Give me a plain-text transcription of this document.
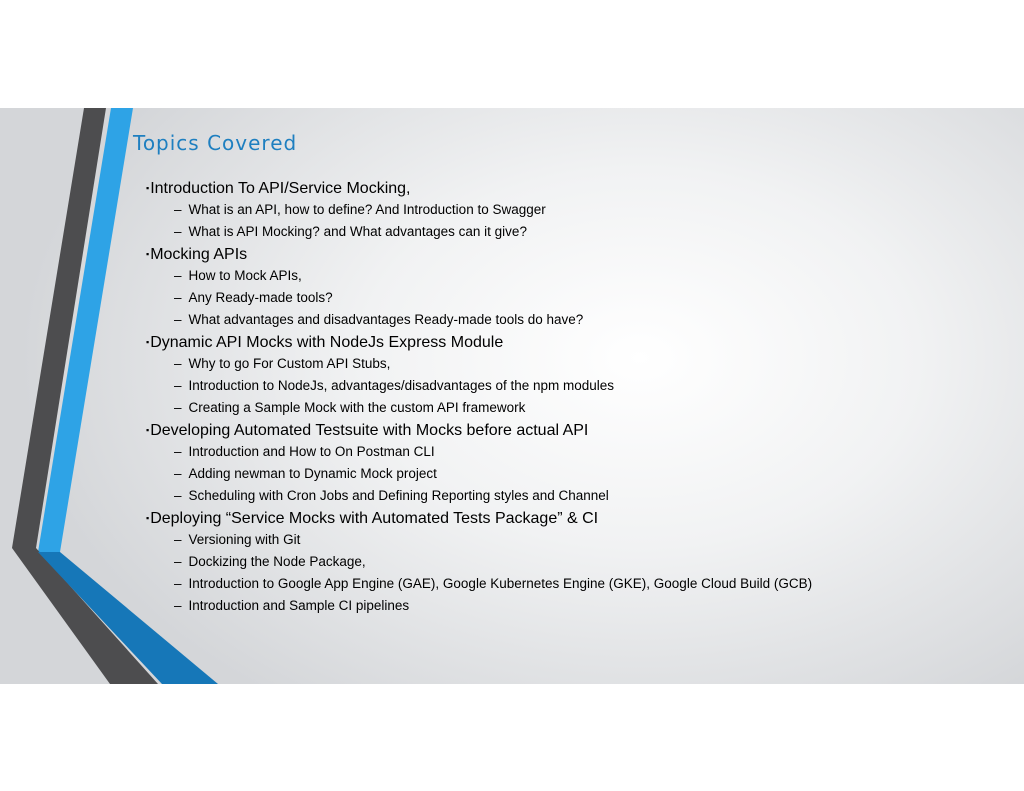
Topics Covered
▪Introduction To API/Service Mocking,
– What is an API, how to define? And Introduction to Swagger
– What is API Mocking? and What advantages can it give?
▪Mocking APIs
– How to Mock APIs,
– Any Ready-made tools?
– What advantages and disadvantages Ready-made tools do have?
▪Dynamic API Mocks with NodeJs Express Module
– Why to go For Custom API Stubs,
– Introduction to NodeJs, advantages/disadvantages of the npm modules
– Creating a Sample Mock with the custom API framework
▪Developing Automated Testsuite with Mocks before actual API
– Introduction and How to On Postman CLI
– Adding newman to Dynamic Mock project
– Scheduling with Cron Jobs and Defining Reporting styles and Channel
▪Deploying “Service Mocks with Automated Tests Package” & CI
– Versioning with Git
– Dockizing the Node Package,
– Introduction to Google App Engine (GAE), Google Kubernetes Engine (GKE), Google Cloud Build (GCB)
– Introduction and Sample CI pipelines
